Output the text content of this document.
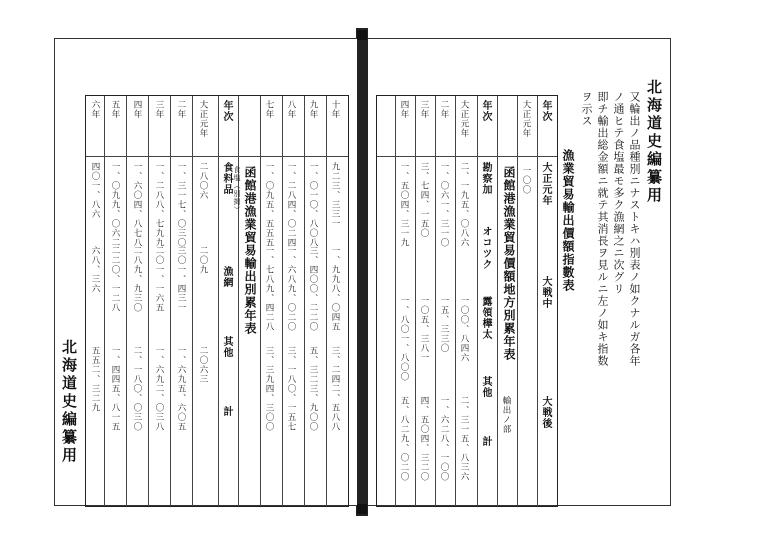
北海道史編纂用
六年
四〇一、八六
六八、三六
五五二、三二九
五年
一、〇九九、〇六二
二二〇、一二八
一、四四五、八一五
四年
一、六〇四、八七八
二八九、九三〇
二、一八〇、〇三〇
三年
一、二八八、七九九
二〇一、一六五
一、六九二、〇三八
二年
一、三一七、〇三〇
三〇一、四三一
一、六九五、六〇五
大正元年
二八〇六
二〇九
二〇六三
年次
食料品 食塩（別掲）
漁網
其他
計
函館港漁業貿易輸出別累年表
七年
一、〇九五、五五五
一、七八九、四二八
三、三九四、三〇〇
八年
一、二八四、〇二四
一、六八九、〇二〇
三、一八〇、一五七
九年
一、〇一〇、八〇八
三、四〇〇、二二〇
五、三二三、九〇〇
十年
九二三、三三一
一、九九八、〇四五
三、二四二、五八八
北海道史編纂用
又輪出ノ品種別ニナストキハ別表ノ如クナルガ各年
ノ通ヒテ食塩最モ多ク漁網之ニ次グリ
即チ輸出総金額ニ就テ其消長ヲ見ルニ左ノ如キ指数
ヲ示ス
漁業貿易輸出價額指數表
年次
大正元年
大戦中
大戦後
大正元年
一〇〇
年次
勘察加
オコツク
露領樺太
其他
計
函館港漁業貿易價額地方別累年表
輸出ノ部
大正元年
二、一九五、〇八六
一〇〇、八四六
二、三一五、八三六
二年
一、〇六一、三一〇
一五、三三〇
一、六二八、一〇〇
三年
三、七四、一五〇
一〇五、三八一
四、五〇四、三二〇
四年
一、五〇四、三一九
一、八〇一、八〇〇
五、八二九、〇二〇
